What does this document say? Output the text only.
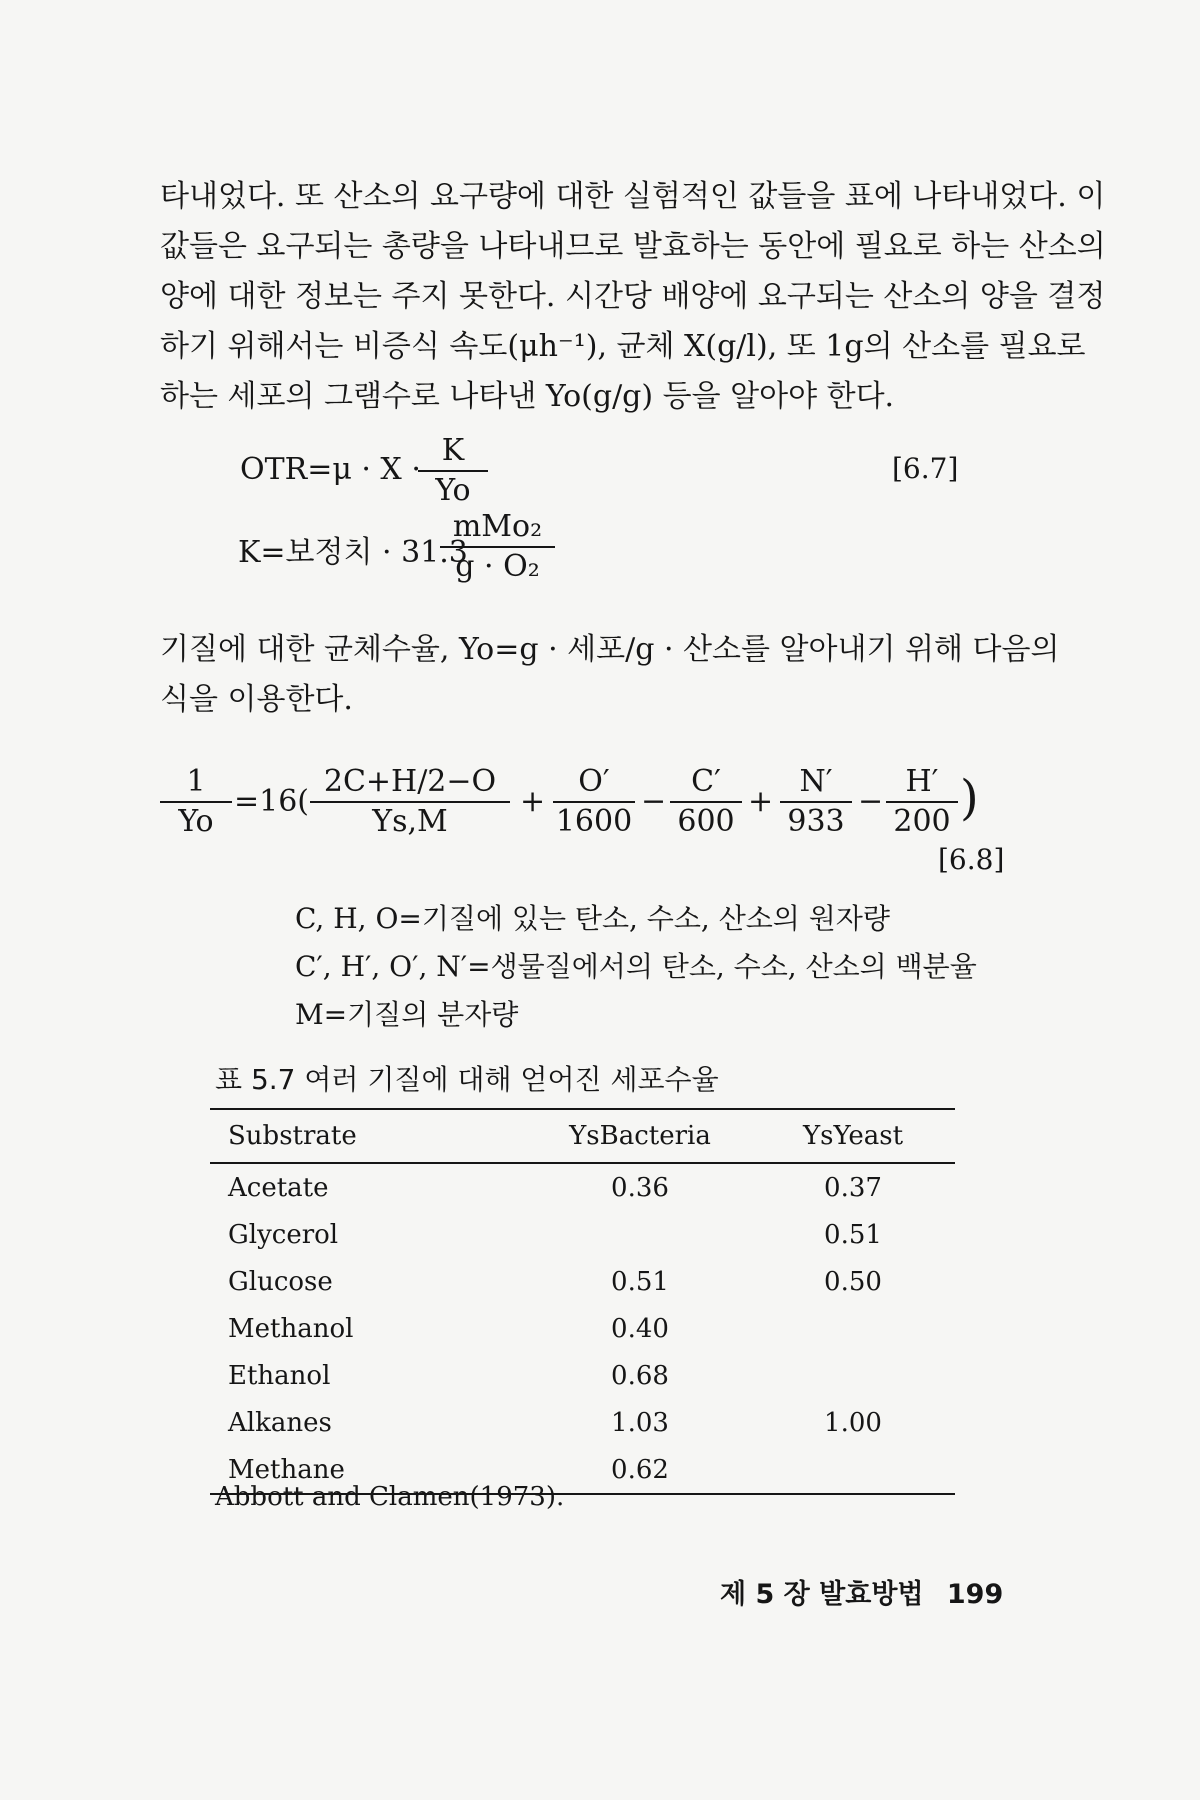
타내었다. 또 산소의 요구량에 대한 실험적인 값들을 표에 나타내었다. 이
값들은 요구되는 총량을 나타내므로 발효하는 동안에 필요로 하는 산소의
양에 대한 정보는 주지 못한다. 시간당 배양에 요구되는 산소의 양을 결정
하기 위해서는 비증식 속도(μh⁻¹), 균체 X(g/l), 또 1g의 산소를 필요로
하는 세포의 그램수로 나타낸 Yo(g/g) 등을 알아야 한다.

OTR=μ · X ·
$\frac{K}{Yo}$	[6.7]
K=보정치 · 31.3
mMo₂
g · O₂

기질에 대한 균체수율, Yo=g · 세포/g · 산소를 알아내기 위해 다음의
식을 이용한다.

$\frac{1}{Yo} =16( \frac{2C+H/2-O}{Ys,M} + \frac{O'}{1600} - \frac{C'}{600} + \frac{N'}{933} - \frac{H'}{200}$ )
[6.8]
C, H, O=기질에 있는 탄소, 수소, 산소의 원자량
C′, H′, O′, N′=생물질에서의 탄소, 수소, 산소의 백분율
M=기질의 분자량
표 5.7 여러 기질에 대해 얻어진 세포수율
Substrate	YsBacteria	YsYeast
Acetate	0.36	0.37
Glycerol		0.51
Glucose	0.51	0.50
Methanol	0.40	
Ethanol	0.68	
Alkanes	1.03	1.00
Methane	0.62	
Abbott and Clamen(1973).
제 5 장 발효방법 199
